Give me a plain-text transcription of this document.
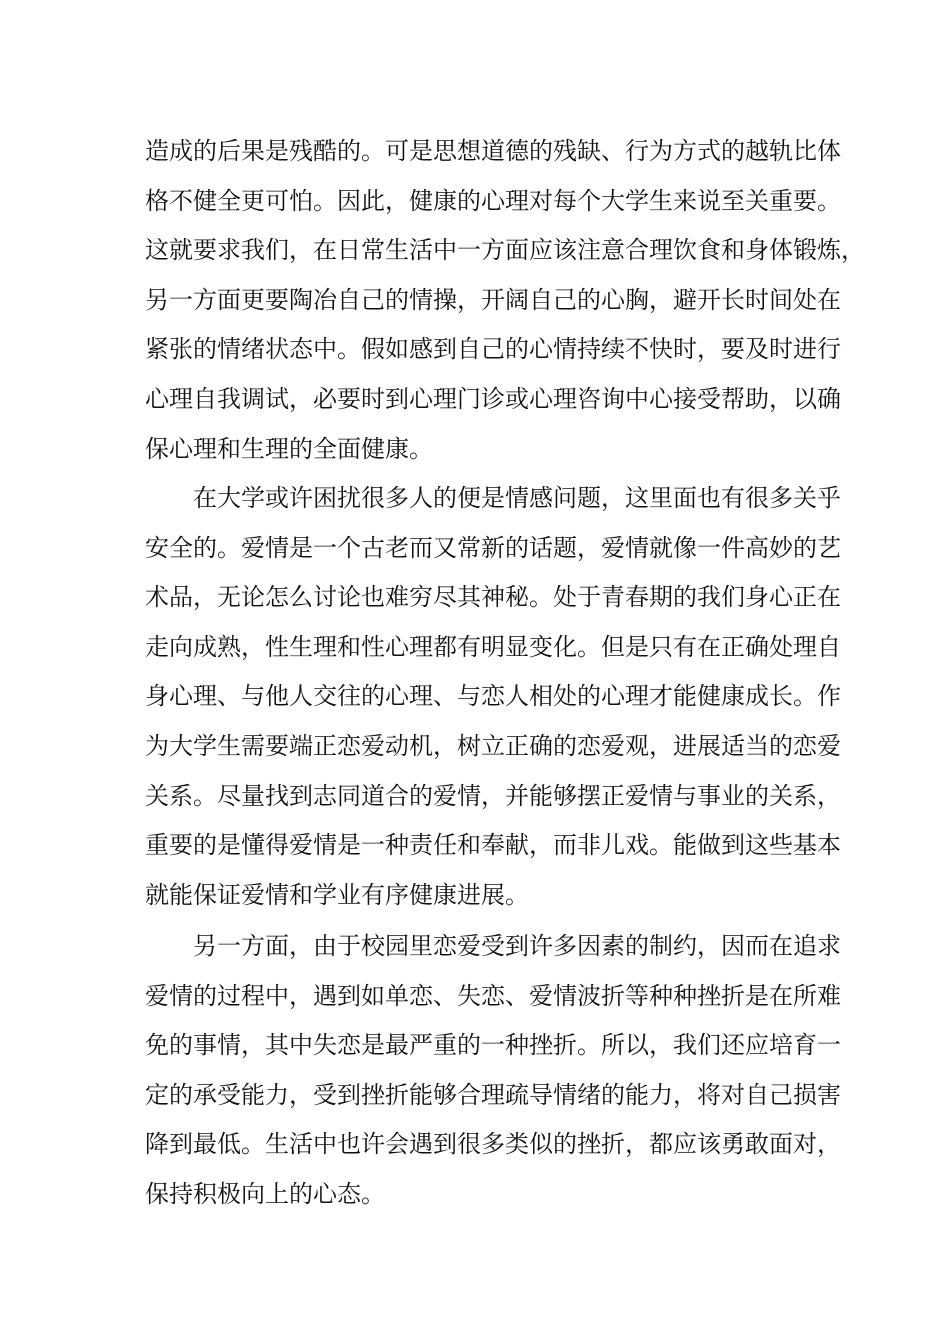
造成的后果是残酷的。可是思想道德的残缺、行为方式的越轨比体
格不健全更可怕。因此，健康的心理对每个大学生来说至关重要。
这就要求我们，在日常生活中一方面应该注意合理饮食和身体锻炼，
另一方面更要陶冶自己的情操，开阔自己的心胸，避开长时间处在
紧张的情绪状态中。假如感到自己的心情持续不快时，要及时进行
心理自我调试，必要时到心理门诊或心理咨询中心接受帮助，以确
保心理和生理的全面健康。
在大学或许困扰很多人的便是情感问题，这里面也有很多关乎
安全的。爱情是一个古老而又常新的话题，爱情就像一件高妙的艺
术品，无论怎么讨论也难穷尽其神秘。处于青春期的我们身心正在
走向成熟，性生理和性心理都有明显变化。但是只有在正确处理自
身心理、与他人交往的心理、与恋人相处的心理才能健康成长。作
为大学生需要端正恋爱动机，树立正确的恋爱观，进展适当的恋爱
关系。尽量找到志同道合的爱情，并能够摆正爱情与事业的关系，
重要的是懂得爱情是一种责任和奉献，而非儿戏。能做到这些基本
就能保证爱情和学业有序健康进展。
另一方面，由于校园里恋爱受到许多因素的制约，因而在追求
爱情的过程中，遇到如单恋、失恋、爱情波折等种种挫折是在所难
免的事情，其中失恋是最严重的一种挫折。所以，我们还应培育一
定的承受能力，受到挫折能够合理疏导情绪的能力，将对自己损害
降到最低。生活中也许会遇到很多类似的挫折，都应该勇敢面对，
保持积极向上的心态。
